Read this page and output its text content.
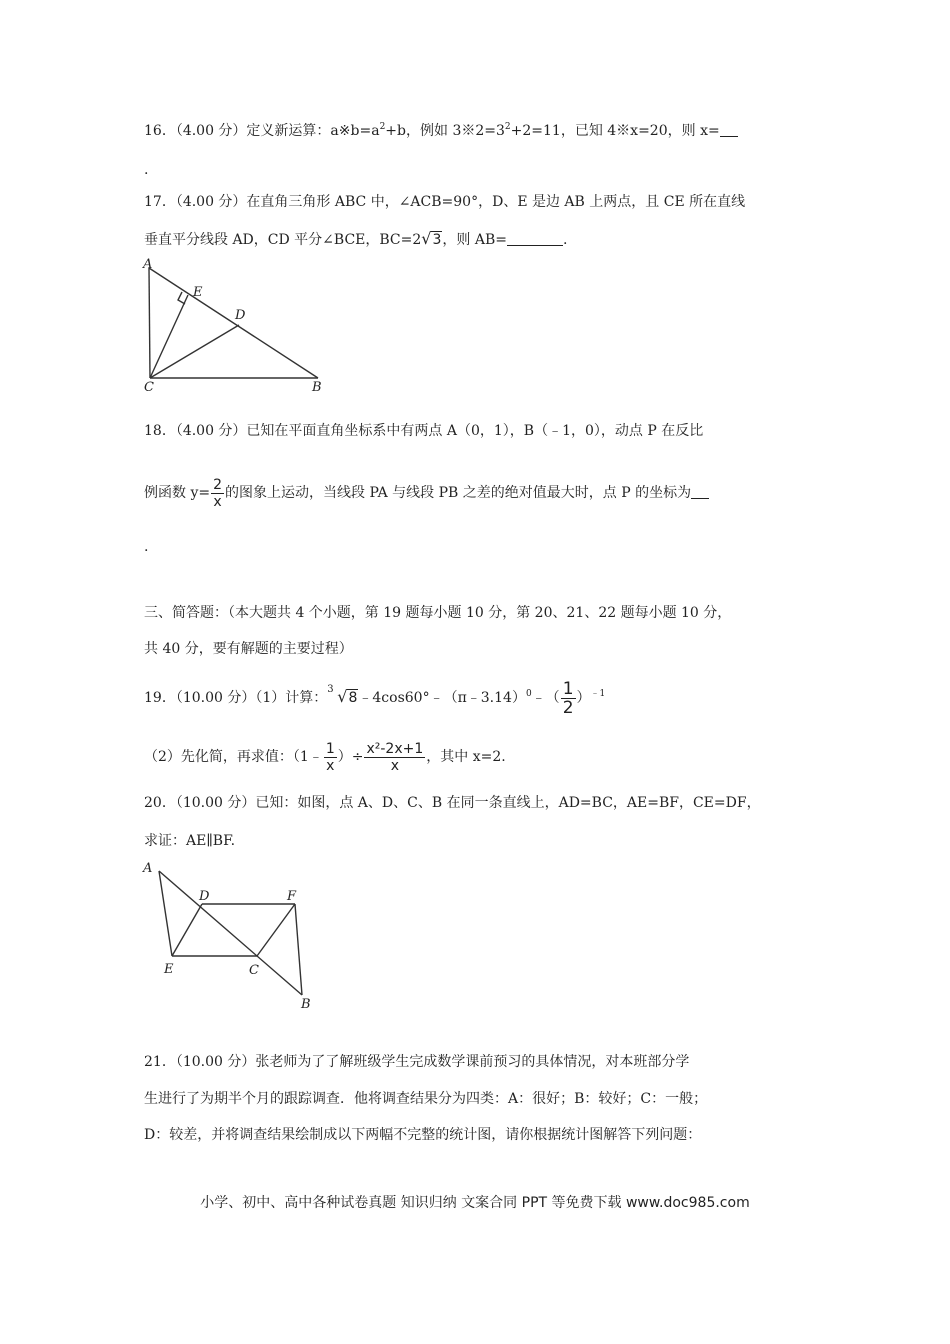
16．（4.00 分）定义新运算：$a※b=a^2+b$，例如 $3※2=3^2+2=11$，已知 4※x=20，则 x=
.
17．（4.00 分）在直角三角形 ABC 中，∠ACB=90°，D、E 是边 AB 上两点，且 CE 所在直线
垂直平分线段 AD，CD 平分∠BCE，BC=2√3，则 AB=	.
A
E
D
C	B
18．（4.00 分）已知在平面直角坐标系中有两点 A（0，1），B（﹣1，0），动点 P 在反比
例函数 $y= \frac{2}{x}$ 的图象上运动，当线段 PA 与线段 PB 之差的绝对值最大时，点 P 的坐标为
.
三、简答题：（本大题共 4 个小题，第 19 题每小题 10 分，第 20、21、22 题每小题 10 分，
共 40 分，要有解题的主要过程）
19．（10.00 分）（1）计算：
3 √8﹣4cos60°﹣（π﹣3.14）$^0$﹣（ $\frac{1}{2} )^{﹣1}$
（2）先化简，再求值：（1﹣ $\frac{1}{x}$ ）÷ $\frac{\text{x²-2x+1}}{x}$ ，其中 x=2.
20．（10.00 分）已知：如图，点 A、D、C、B 在同一条直线上，AD=BC，AE=BF，CE=DF，
求证：AE∥BF.
A
D	F
E	C
B
21．（10.00 分）张老师为了了解班级学生完成数学课前预习的具体情况，对本班部分学
生进行了为期半个月的跟踪调查．他将调查结果分为四类：A：很好；B：较好；C：一般；
D：较差，并将调查结果绘制成以下两幅不完整的统计图，请你根据统计图解答下列问题：
小学、初中、高中各种试卷真题 知识归纳 文案合同 PPT 等免费下载 www.doc985.com
